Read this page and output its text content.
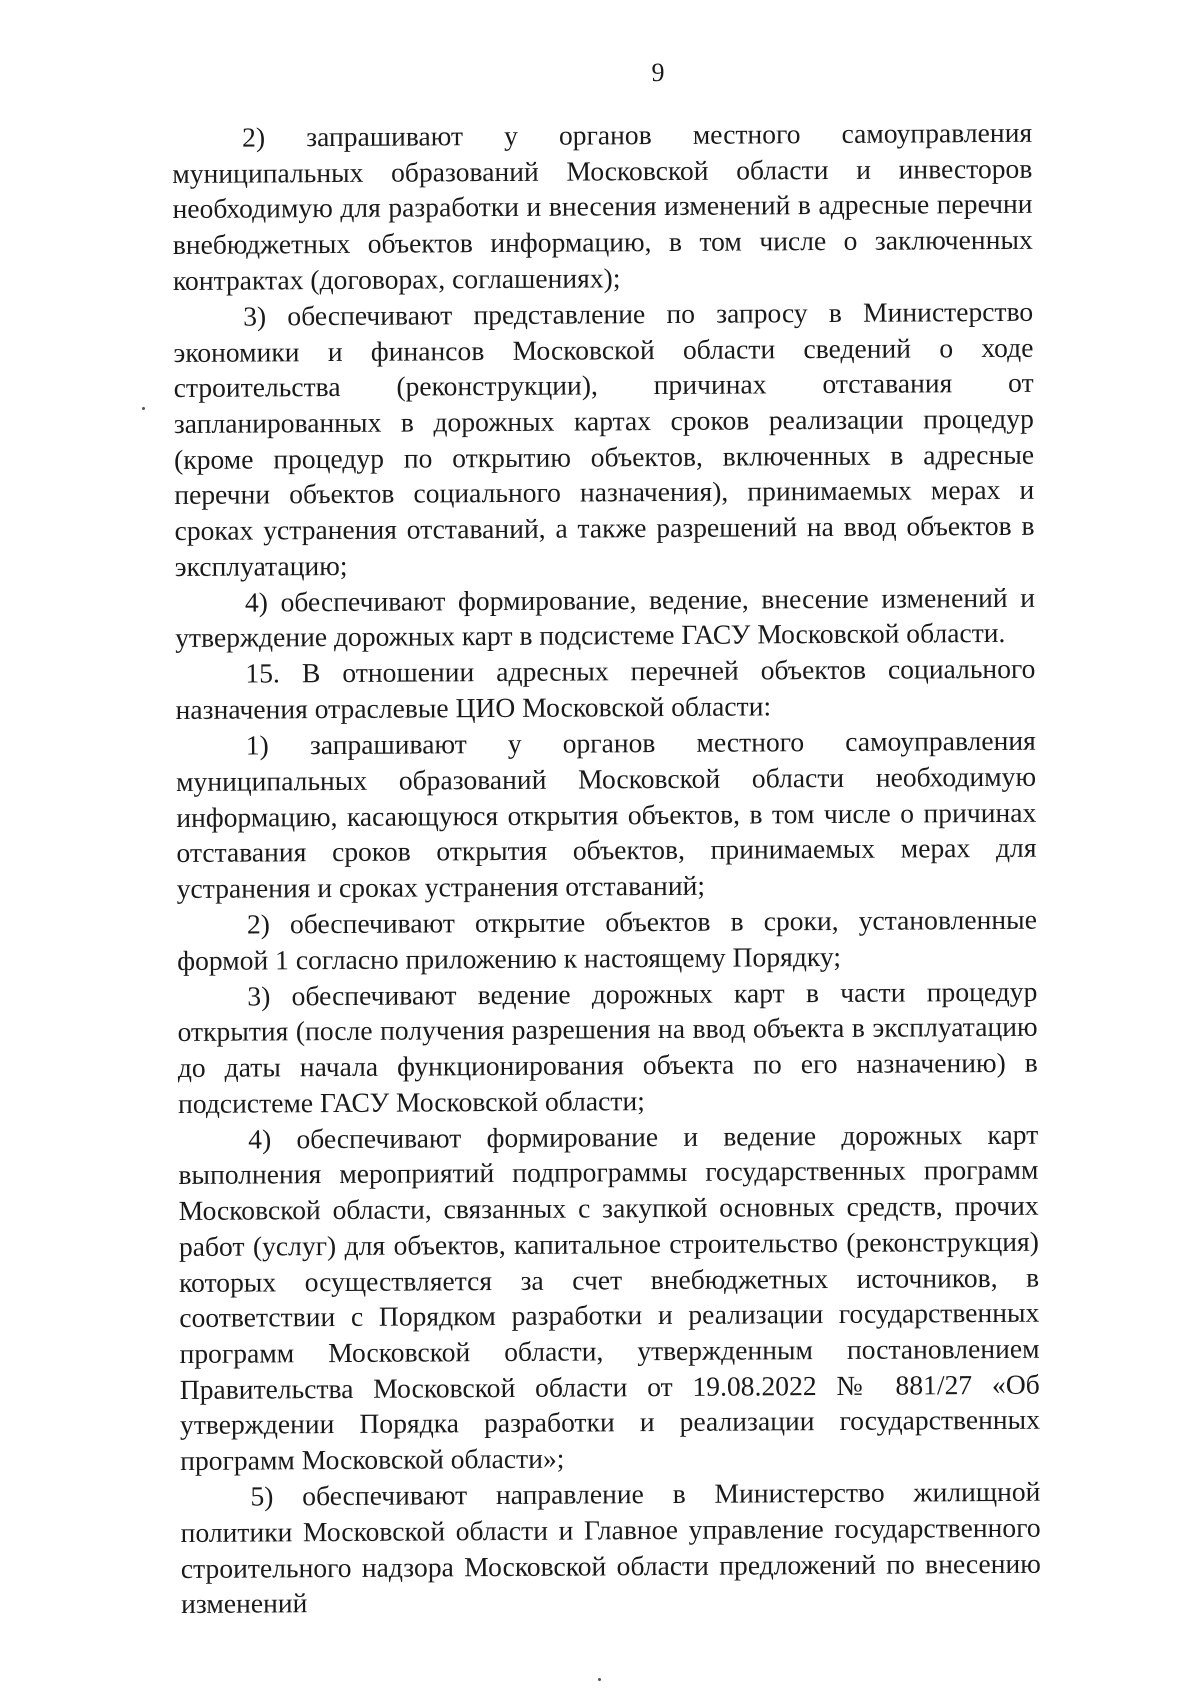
9

2) запрашивают у органов местного самоуправления муниципальных образований Московской области и инвесторов необходимую для разработки и внесения изменений в адресные перечни внебюджетных объектов информацию, в том числе о заключенных контрактах (договорах, соглашениях);

3) обеспечивают представление по запросу в Министерство экономики и финансов Московской области сведений о ходе строительства (реконструкции), причинах отставания от запланированных в дорожных картах сроков реализации процедур (кроме процедур по открытию объектов, включенных в адресные перечни объектов социального назначения), принимаемых мерах и сроках устранения отставаний, а также разрешений на ввод объектов в эксплуатацию;

4) обеспечивают формирование, ведение, внесение изменений и утверждение дорожных карт в подсистеме ГАСУ Московской области.

15. В отношении адресных перечней объектов социального назначения отраслевые ЦИО Московской области:

1) запрашивают у органов местного самоуправления муниципальных образований Московской области необходимую информацию, касающуюся открытия объектов, в том числе о причинах отставания сроков открытия объектов, принимаемых мерах для устранения и сроках устранения отставаний;

2) обеспечивают открытие объектов в сроки, установленные формой 1 согласно приложению к настоящему Порядку;

3) обеспечивают ведение дорожных карт в части процедур открытия (после получения разрешения на ввод объекта в эксплуатацию до даты начала функционирования объекта по его назначению) в подсистеме ГАСУ Московской области;

4) обеспечивают формирование и ведение дорожных карт выполнения мероприятий подпрограммы государственных программ Московской области, связанных с закупкой основных средств, прочих работ (услуг) для объектов, капитальное строительство (реконструкция) которых осуществляется за счет внебюджетных источников, в соответствии с Порядком разработки и реализации государственных программ Московской области, утвержденным постановлением Правительства Московской области от 19.08.2022 № 881/27 «Об утверждении Порядка разработки и реализации государственных программ Московской области»;

5) обеспечивают направление в Министерство жилищной политики Московской области и Главное управление государственного строительного надзора Московской области предложений по внесению изменений
